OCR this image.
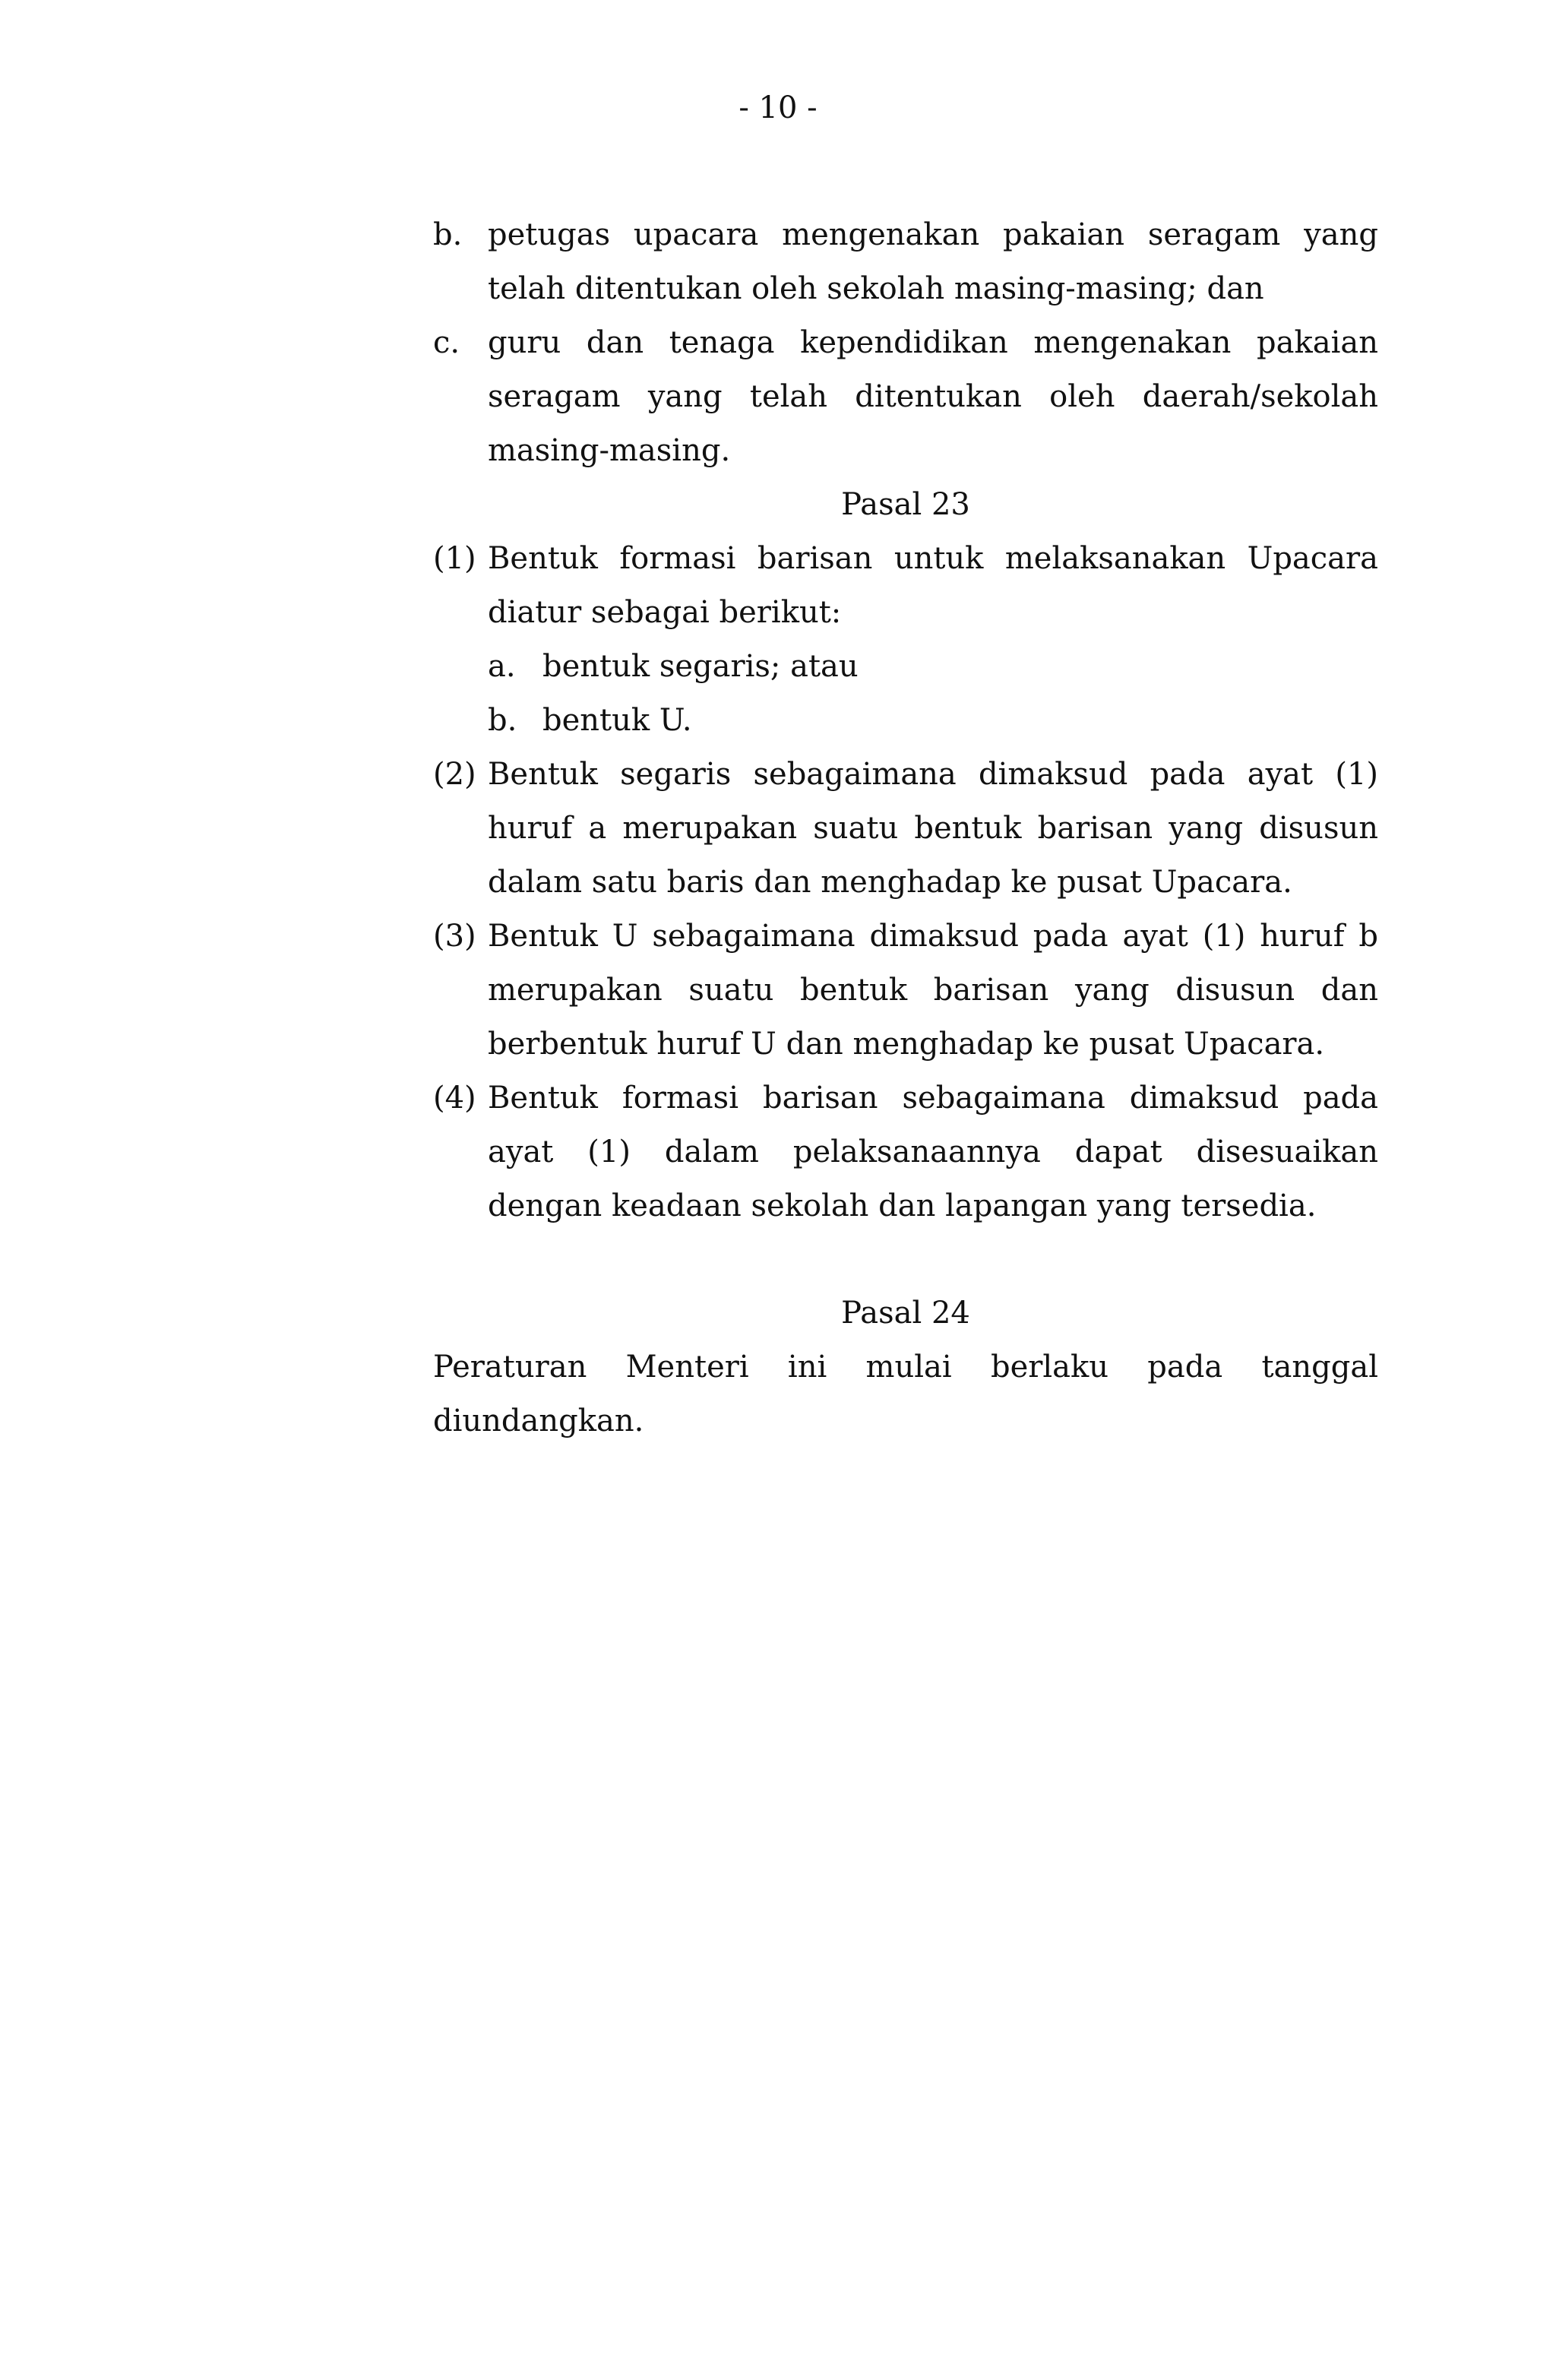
- 10 -
b. petugas upacara mengenakan pakaian seragam yang telah ditentukan oleh sekolah masing-masing; dan
c. guru dan tenaga kependidikan mengenakan pakaian seragam yang telah ditentukan oleh daerah/sekolah masing-masing.
Pasal 23
(1) Bentuk formasi barisan untuk melaksanakan Upacara diatur sebagai berikut:
a. bentuk segaris; atau
b. bentuk U.
(2) Bentuk segaris sebagaimana dimaksud pada ayat (1) huruf a merupakan suatu bentuk barisan yang disusun dalam satu baris dan menghadap ke pusat Upacara.
(3) Bentuk U sebagaimana dimaksud pada ayat (1) huruf b merupakan suatu bentuk barisan yang disusun dan berbentuk huruf U dan menghadap ke pusat Upacara.
(4) Bentuk formasi barisan sebagaimana dimaksud pada ayat (1) dalam pelaksanaannya dapat disesuaikan dengan keadaan sekolah dan lapangan yang tersedia.
Pasal 24
Peraturan Menteri ini mulai berlaku pada tanggal diundangkan.
